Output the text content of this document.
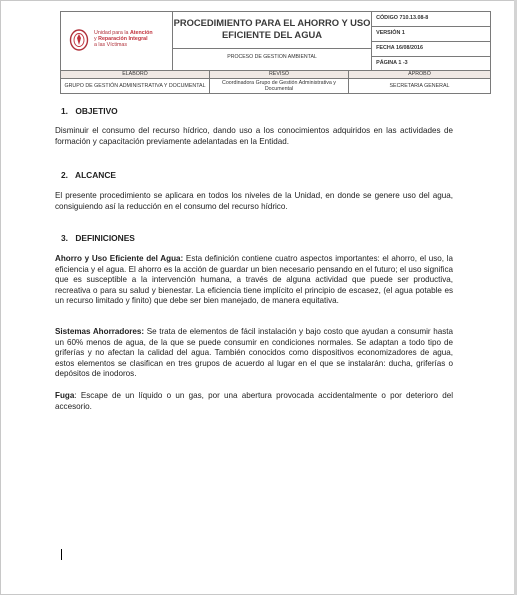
Unidad para la Atención
y Reparación Integral
a las Víctimas

PROCEDIMIENTO PARA EL AHORRO Y USO EFICIENTE DEL AGUA
PROCESO DE GESTION AMBIENTAL

CÓDIGO 710.13.08-8
VERSIÓN 1
FECHA 16/08/2016
PÁGINA 1 -3
ELABORÓ	REVISÓ	APROBÓ
GRUPO DE GESTIÓN ADMINISTRATIVA Y DOCUMENTAL	Coordinadora Grupo de Gestión Administrativa y Documental	SECRETARIA GENERAL
1. OBJETIVO
Disminuir el consumo del recurso hídrico, dando uso a los conocimientos adquiridos en las actividades de formación y capacitación previamente adelantadas en la Entidad.
2. ALCANCE
El presente procedimiento se aplicara en todos los niveles de la Unidad, en donde se genere uso del agua, consiguiendo así la reducción en el consumo del recurso hídrico.
3. DEFINICIONES
Ahorro y Uso Eficiente del Agua: Esta definición contiene cuatro aspectos importantes: el ahorro, el uso, la eficiencia y el agua. El ahorro es la acción de guardar un bien necesario pensando en el futuro; el uso significa que es susceptible a la intervención humana, a través de alguna actividad que puede ser productiva, recreativa o para su salud y bienestar. La eficiencia tiene implícito el principio de escasez, (el agua potable es un recurso limitado y finito) que debe ser bien manejado, de manera equitativa.
Sistemas Ahorradores: Se trata de elementos de fácil instalación y bajo costo que ayudan a consumir hasta un 60% menos de agua, de la que se puede consumir en condiciones normales. Se adaptan a todo tipo de griferías y no afectan la calidad del agua. También conocidos como dispositivos economizadores de agua, estos elementos se clasifican en tres grupos de acuerdo al lugar en el que se instalarán: ducha, griferías o depósitos de inodoros.
Fuga: Escape de un líquido o un gas, por una abertura provocada accidentalmente o por deterioro del accesorio.
